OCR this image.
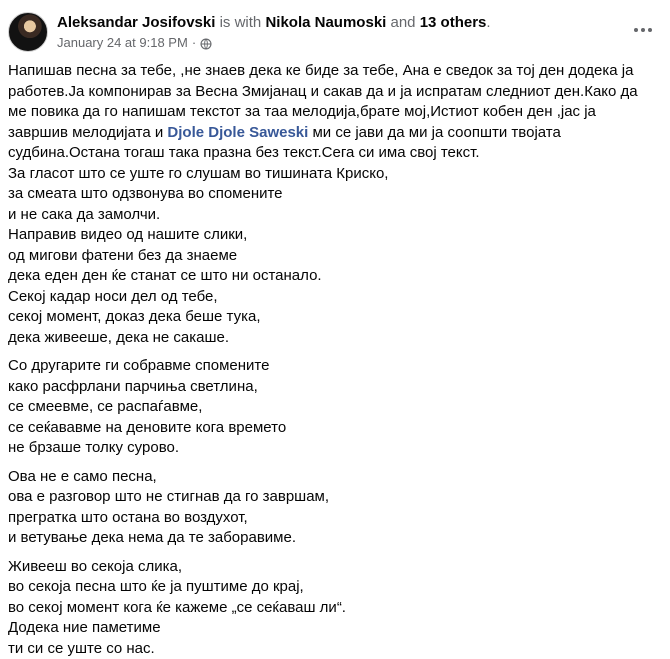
Aleksandar Josifovski is with Nikola Naumoski and 13 others.
January 24 at 9:18 PM ·

Напишав песна за тебе, ,не знаев дека ке биде за тебе, Ана е сведок за тој ден додека ја работев.Ја компонирав за Весна Змијанац и сакав да и ја испратам следниот ден.Како да ме повика да го напишам текстот за таа мелодија,брате мој,Истиот кобен ден ,јас ја завршив мелодијата и Djole Djole Saweski ми се јави да ми ја соопшти твојата судбина.Остана тогаш така празна без текст.Сега си има свој текст.
За гласот што се уште го слушам во тишината Криско,
за смеата што одзвонува во спомените
и не сака да замолчи.
Направив видео од нашите слики,
од мигови фатени без да знаеме
дека еден ден ќе станат се што ни останало.
Секој кадар носи дел од тебе,
секој момент, доказ дека беше тука,
дека живееше, дека не сакаше.

Со другарите ги собравме спомените
како расфрлани парчиња светлина,
се смеевме, се распаѓавме,
се сеќававме на деновите кога времето
не брзаше толку сурово.

Ова не е само песна,
ова е разговор што не стигнав да го завршам,
прегратка што остана во воздухот,
и ветување дека нема да те заборавиме.

Живееш во секоја слика,
во секоја песна што ќе ја пуштиме до крај,
во секој момент кога ќе кажеме „се сеќаваш ли“.
Додека ние паметиме
ти си се уште со нас.
